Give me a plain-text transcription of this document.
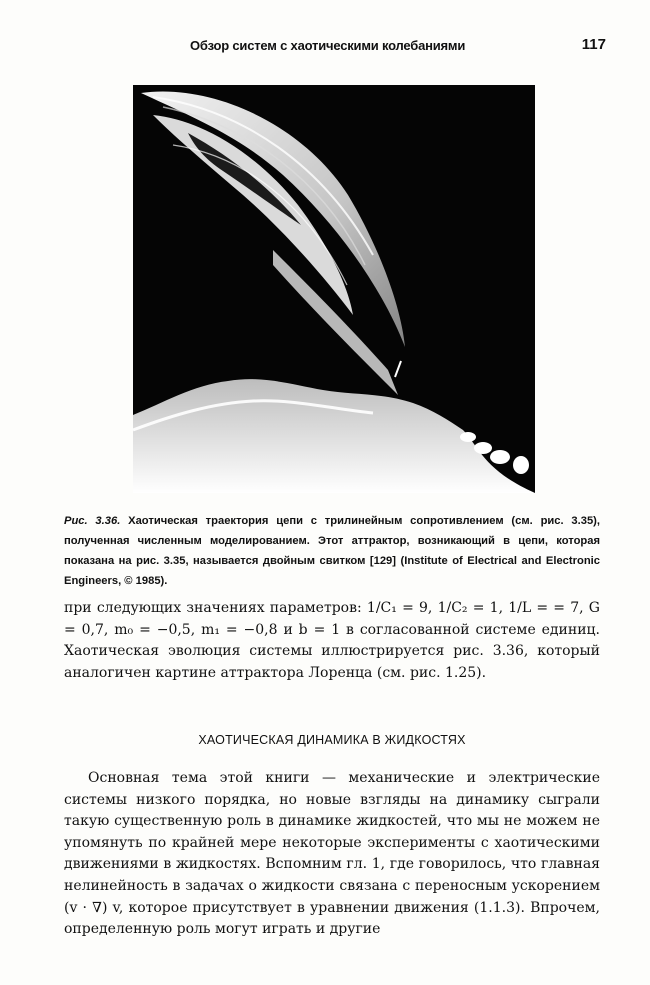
Обзор систем с хаотическими колебаниями	117
Рис. 3.36. Хаотическая траектория цепи с трилинейным сопротивлением (см. рис. 3.35), полученная численным моделированием. Этот аттрактор, возникающий в цепи, которая показана на рис. 3.35, называется двойным свитком [129] (Institute of Electrical and Electronic Engineers, © 1985).
при следующих значениях параметров: 1/C₁ = 9, 1/C₂ = 1, 1/L = = 7, G = 0,7, m₀ = −0,5, m₁ = −0,8 и b = 1 в согласованной системе единиц. Хаотическая эволюция системы иллюстрируется рис. 3.36, который аналогичен картине аттрактора Лоренца (см. рис. 1.25).
ХАОТИЧЕСКАЯ ДИНАМИКА В ЖИДКОСТЯХ
Основная тема этой книги — механические и электрические системы низкого порядка, но новые взгляды на динамику сыграли такую существенную роль в динамике жидкостей, что мы не можем не упомянуть по крайней мере некоторые эксперименты с хаотическими движениями в жидкостях. Вспомним гл. 1, где говорилось, что главная нелинейность в задачах о жидкости связана с переносным ускорением (v · ∇) v, которое присутствует в уравнении движения (1.1.3). Впрочем, определенную роль могут играть и другие
